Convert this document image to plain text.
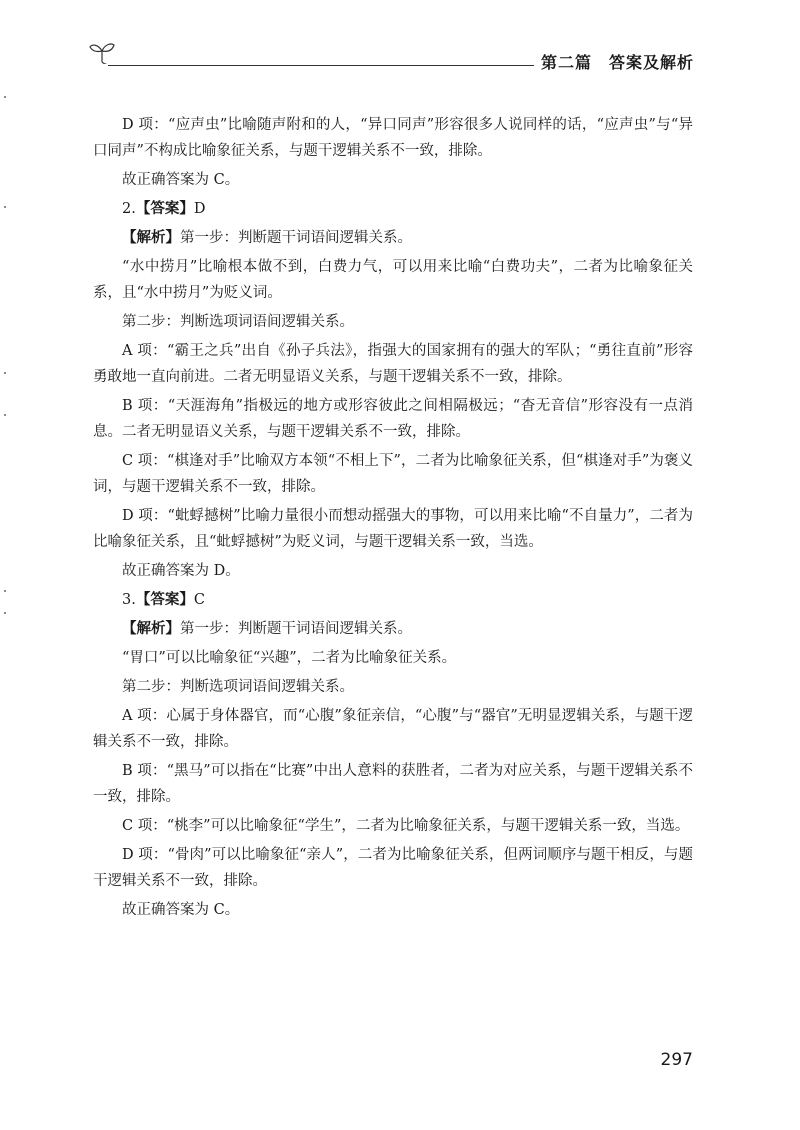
第二篇　答案及解析

D 项：“应声虫”比喻随声附和的人，“异口同声”形容很多人说同样的话，“应声虫”与“异口同声”不构成比喻象征关系，与题干逻辑关系不一致，排除。

故正确答案为 C。

2.【答案】D

【解析】第一步：判断题干词语间逻辑关系。

“水中捞月”比喻根本做不到，白费力气，可以用来比喻“白费功夫”，二者为比喻象征关系，且“水中捞月”为贬义词。

第二步：判断选项词语间逻辑关系。

A 项：“霸王之兵”出自《孙子兵法》，指强大的国家拥有的强大的军队；“勇往直前”形容勇敢地一直向前进。二者无明显语义关系，与题干逻辑关系不一致，排除。

B 项：“天涯海角”指极远的地方或形容彼此之间相隔极远；“杳无音信”形容没有一点消息。二者无明显语义关系，与题干逻辑关系不一致，排除。

C 项：“棋逢对手”比喻双方本领“不相上下”，二者为比喻象征关系，但“棋逢对手”为褒义词，与题干逻辑关系不一致，排除。

D 项：“蚍蜉撼树”比喻力量很小而想动摇强大的事物，可以用来比喻“不自量力”，二者为比喻象征关系，且“蚍蜉撼树”为贬义词，与题干逻辑关系一致，当选。

故正确答案为 D。

3.【答案】C

【解析】第一步：判断题干词语间逻辑关系。

“胃口”可以比喻象征“兴趣”，二者为比喻象征关系。

第二步：判断选项词语间逻辑关系。

A 项：心属于身体器官，而“心腹”象征亲信，“心腹”与“器官”无明显逻辑关系，与题干逻辑关系不一致，排除。

B 项：“黑马”可以指在“比赛”中出人意料的获胜者，二者为对应关系，与题干逻辑关系不一致，排除。

C 项：“桃李”可以比喻象征“学生”，二者为比喻象征关系，与题干逻辑关系一致，当选。

D 项：“骨肉”可以比喻象征“亲人”，二者为比喻象征关系，但两词顺序与题干相反，与题干逻辑关系不一致，排除。

故正确答案为 C。

297
